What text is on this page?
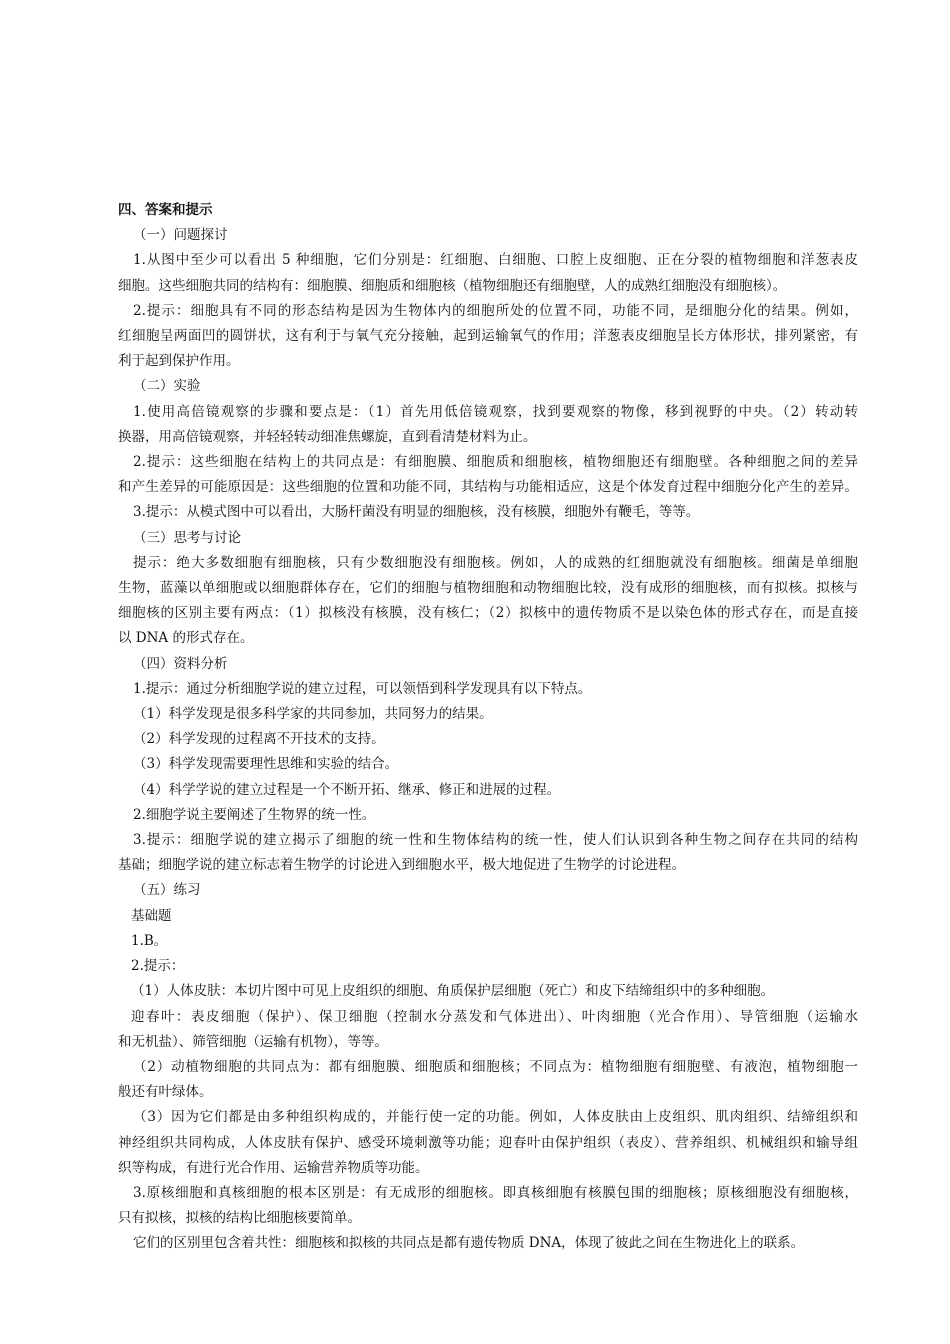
四、答案和提示
（一）问题探讨
1.从图中至少可以看出 5 种细胞，它们分别是：红细胞、白细胞、口腔上皮细胞、正在分裂的植物细胞和洋葱表皮
细胞。这些细胞共同的结构有：细胞膜、细胞质和细胞核（植物细胞还有细胞壁，人的成熟红细胞没有细胞核）。
2.提示：细胞具有不同的形态结构是因为生物体内的细胞所处的位置不同，功能不同，是细胞分化的结果。例如，
红细胞呈两面凹的圆饼状，这有利于与氧气充分接触，起到运输氧气的作用；洋葱表皮细胞呈长方体形状，排列紧密，有
利于起到保护作用。
（二）实验
1.使用高倍镜观察的步骤和要点是：（1）首先用低倍镜观察，找到要观察的物像，移到视野的中央。（2）转动转
换器，用高倍镜观察，并轻轻转动细准焦螺旋，直到看清楚材料为止。
2.提示：这些细胞在结构上的共同点是：有细胞膜、细胞质和细胞核，植物细胞还有细胞壁。各种细胞之间的差异
和产生差异的可能原因是：这些细胞的位置和功能不同，其结构与功能相适应，这是个体发育过程中细胞分化产生的差异。
3.提示：从模式图中可以看出，大肠杆菌没有明显的细胞核，没有核膜，细胞外有鞭毛，等等。
（三）思考与讨论
提示：绝大多数细胞有细胞核，只有少数细胞没有细胞核。例如，人的成熟的红细胞就没有细胞核。细菌是单细胞
生物，蓝藻以单细胞或以细胞群体存在，它们的细胞与植物细胞和动物细胞比较，没有成形的细胞核，而有拟核。拟核与
细胞核的区别主要有两点：（1）拟核没有核膜，没有核仁；（2）拟核中的遗传物质不是以染色体的形式存在，而是直接
以 DNA 的形式存在。
（四）资料分析
1.提示：通过分析细胞学说的建立过程，可以领悟到科学发现具有以下特点。
（1）科学发现是很多科学家的共同参加，共同努力的结果。
（2）科学发现的过程离不开技术的支持。
（3）科学发现需要理性思维和实验的结合。
（4）科学学说的建立过程是一个不断开拓、继承、修正和进展的过程。
2.细胞学说主要阐述了生物界的统一性。
3.提示：细胞学说的建立揭示了细胞的统一性和生物体结构的统一性，使人们认识到各种生物之间存在共同的结构
基础；细胞学说的建立标志着生物学的讨论进入到细胞水平，极大地促进了生物学的讨论进程。
（五）练习
基础题
1.B。
2.提示：
（1）人体皮肤：本切片图中可见上皮组织的细胞、角质保护层细胞（死亡）和皮下结缔组织中的多种细胞。
迎春叶：表皮细胞（保护）、保卫细胞（控制水分蒸发和气体进出）、叶肉细胞（光合作用）、导管细胞（运输水
和无机盐）、筛管细胞（运输有机物），等等。
（2）动植物细胞的共同点为：都有细胞膜、细胞质和细胞核；不同点为：植物细胞有细胞壁、有液泡，植物细胞一
般还有叶绿体。
（3）因为它们都是由多种组织构成的，并能行使一定的功能。例如，人体皮肤由上皮组织、肌肉组织、结缔组织和
神经组织共同构成，人体皮肤有保护、感受环境刺激等功能；迎春叶由保护组织（表皮）、营养组织、机械组织和输导组
织等构成，有进行光合作用、运输营养物质等功能。
3.原核细胞和真核细胞的根本区别是：有无成形的细胞核。即真核细胞有核膜包围的细胞核；原核细胞没有细胞核，
只有拟核，拟核的结构比细胞核要简单。
它们的区别里包含着共性：细胞核和拟核的共同点是都有遗传物质 DNA，体现了彼此之间在生物进化上的联系。
